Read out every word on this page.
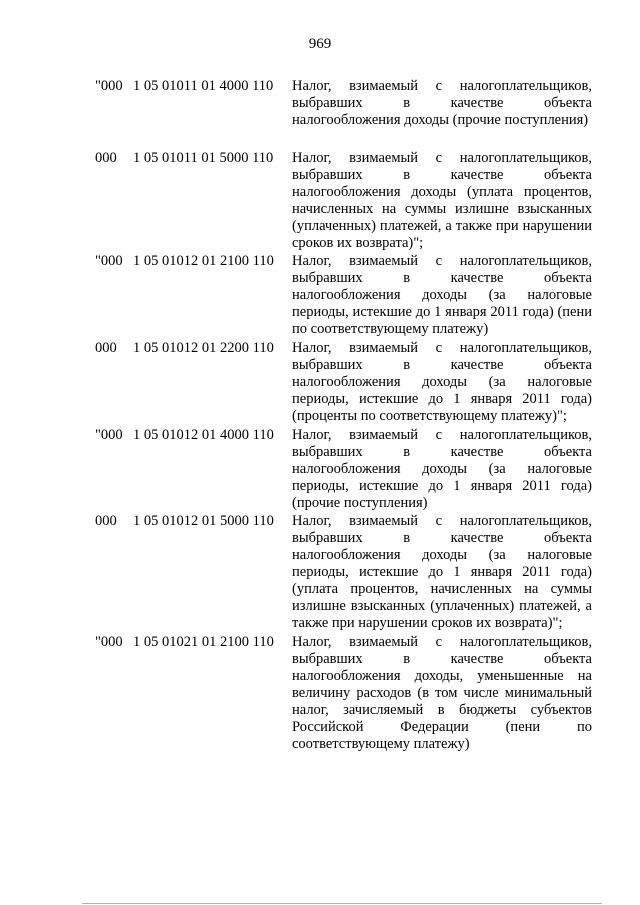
969
"000 1 05 01011 01 4000 110 Налог, взимаемый с налогоплательщиков, выбравших в качестве объекта налогообложения доходы (прочие поступления)
000 1 05 01011 01 5000 110 Налог, взимаемый с налогоплательщиков, выбравших в качестве объекта налогообложения доходы (уплата процентов, начисленных на суммы излишне взысканных (уплаченных) платежей, а также при нарушении сроков их возврата)";
"000 1 05 01012 01 2100 110 Налог, взимаемый с налогоплательщиков, выбравших в качестве объекта налогообложения доходы (за налоговые периоды, истекшие до 1 января 2011 года) (пени по соответствующему платежу)
000 1 05 01012 01 2200 110 Налог, взимаемый с налогоплательщиков, выбравших в качестве объекта налогообложения доходы (за налоговые периоды, истекшие до 1 января 2011 года) (проценты по соответствующему платежу)";
"000 1 05 01012 01 4000 110 Налог, взимаемый с налогоплательщиков, выбравших в качестве объекта налогообложения доходы (за налоговые периоды, истекшие до 1 января 2011 года) (прочие поступления)
000 1 05 01012 01 5000 110 Налог, взимаемый с налогоплательщиков, выбравших в качестве объекта налогообложения доходы (за налоговые периоды, истекшие до 1 января 2011 года) (уплата процентов, начисленных на суммы излишне взысканных (уплаченных) платежей, а также при нарушении сроков их возврата)";
"000 1 05 01021 01 2100 110 Налог, взимаемый с налогоплательщиков, выбравших в качестве объекта налогообложения доходы, уменьшенные на величину расходов (в том числе минимальный налог, зачисляемый в бюджеты субъектов Российской Федерации (пени по соответствующему платежу)
